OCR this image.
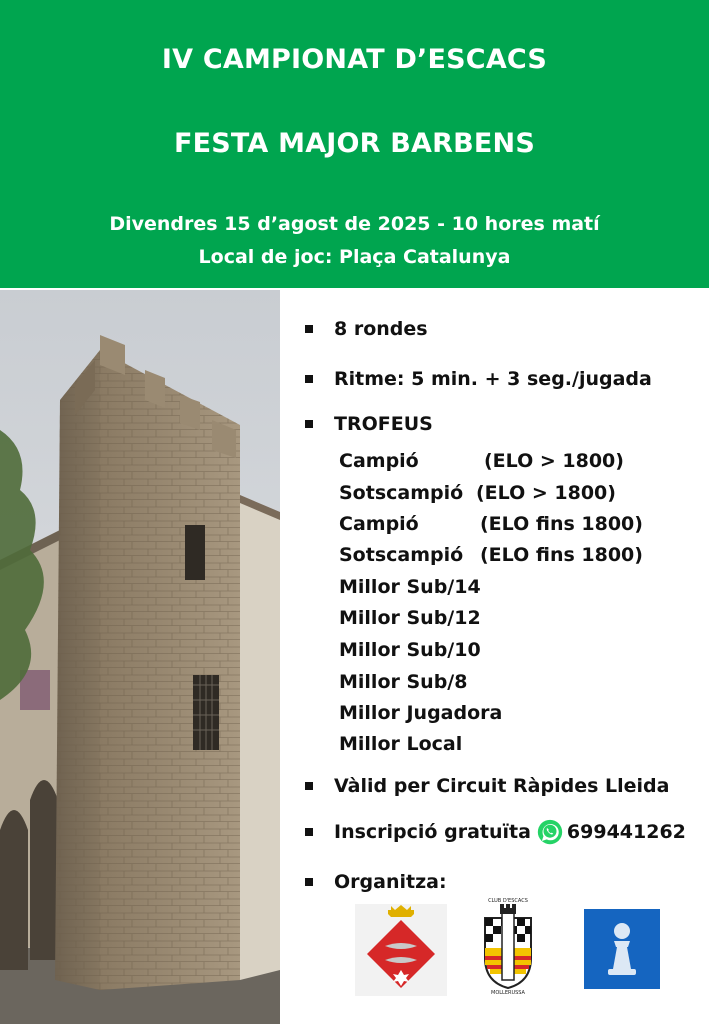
IV CAMPIONAT D’ESCACS
FESTA MAJOR BARBENS
Divendres 15 d’agost de 2025 - 10 hores matí
Local de joc: Plaça Catalunya
8 rondes
Ritme: 5 min. + 3 seg./jugada
TROFEUS
Campió	(ELO > 1800)
Sotscampió (ELO > 1800)
Campió	(ELO fins 1800)
Sotscampió (ELO fins 1800)
Millor Sub/14
Millor Sub/12
Millor Sub/10
Millor Sub/8
Millor Jugadora
Millor Local
Vàlid per Circuit Ràpides Lleida
Inscripció gratuïta 699441262
Organitza:
CLUB D'ESCACS
MOLLERUSSA
